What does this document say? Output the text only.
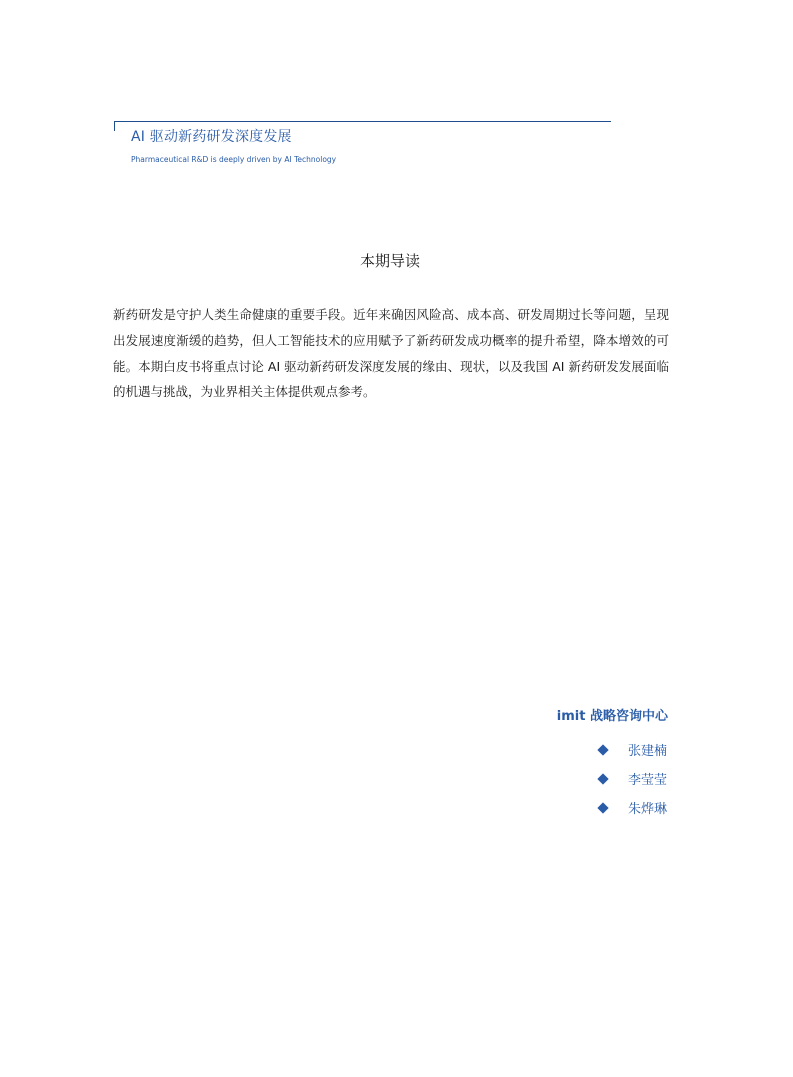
AI 驱动新药研发深度发展
Pharmaceutical R&D is deeply driven by AI Technology
本期导读

新药研发是守护人类生命健康的重要手段。近年来确因风险高、成本高、研发周期过长等问题，呈现出发展速度渐缓的趋势，但人工智能技术的应用赋予了新药研发成功概率的提升希望，降本增效的可能。本期白皮书将重点讨论 AI 驱动新药研发深度发展的缘由、现状，以及我国 AI 新药研发发展面临的机遇与挑战，为业界相关主体提供观点参考。

imit 战略咨询中心
张建楠
李莹莹
朱烨琳
